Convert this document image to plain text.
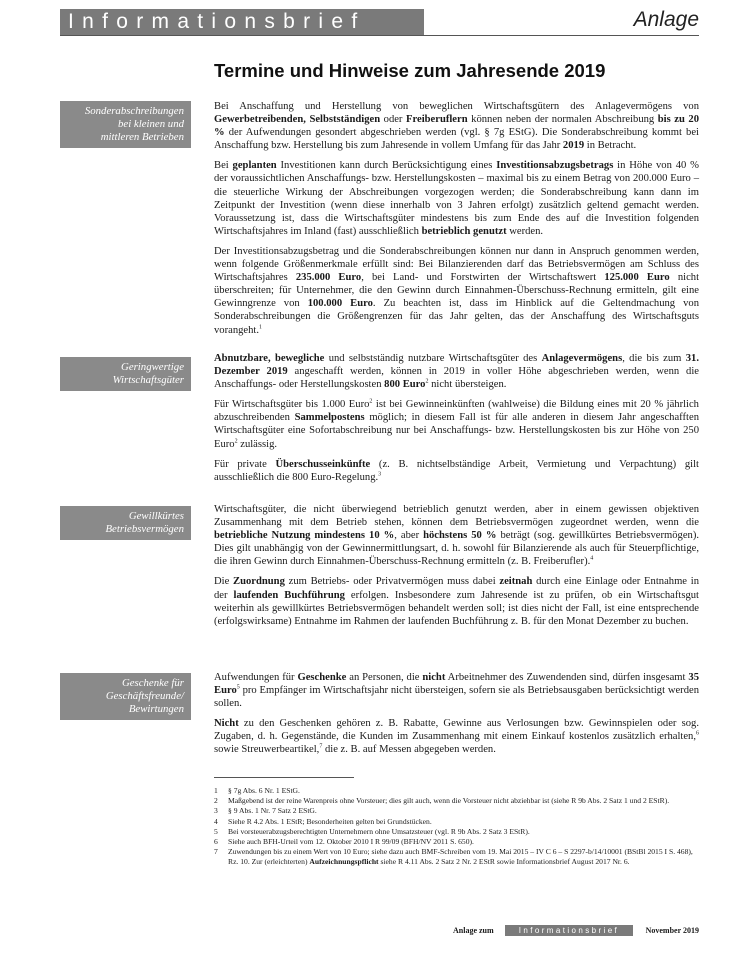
Informationsbrief	Anlage
Termine und Hinweise zum Jahresende 2019
Sonderabschreibungen
bei kleinen und
mittleren Betrieben

Bei Anschaffung und Herstellung von beweglichen Wirtschaftsgütern des Anlagevermögens von Gewerbetreibenden, Selbstständigen oder Freiberuflern können neben der normalen Abschreibung bis zu 20 % der Aufwendungen gesondert abgeschrieben werden (vgl. § 7g EStG). Die Sonderabschreibung kommt bei Anschaffung bzw. Herstellung bis zum Jahresende in vollem Umfang für das Jahr 2019 in Betracht.

Bei geplanten Investitionen kann durch Berücksichtigung eines Investitionsabzugsbetrags in Höhe von 40 % der voraussichtlichen Anschaffungs- bzw. Herstellungskosten – maximal bis zu einem Betrag von 200.000 Euro – die steuerliche Wirkung der Abschreibungen vorgezogen werden; die Sonderabschreibung kann dann im Zeitpunkt der Investition (wenn diese innerhalb von 3 Jahren erfolgt) zusätzlich geltend gemacht werden. Voraussetzung ist, dass die Wirtschaftsgüter mindestens bis zum Ende des auf die Investition folgenden Wirtschaftsjahres im Inland (fast) ausschließlich betrieblich genutzt werden.

Der Investitionsabzugsbetrag und die Sonderabschreibungen können nur dann in Anspruch genommen werden, wenn folgende Größenmerkmale erfüllt sind: Bei Bilanzierenden darf das Betriebsvermögen am Schluss des Wirtschaftsjahres 235.000 Euro, bei Land- und Forstwirten der Wirtschaftswert 125.000 Euro nicht überschreiten; für Unternehmer, die den Gewinn durch Einnahmen-Überschuss-Rechnung ermitteln, gilt eine Gewinngrenze von 100.000 Euro. Zu beachten ist, dass im Hinblick auf die Geltendmachung von Sonderabschreibungen die Größengrenzen für das Jahr gelten, das der Anschaffung des Wirtschaftsguts vorangeht.$^1$

Geringwertige
Wirtschaftsgüter

Abnutzbare, bewegliche und selbstständig nutzbare Wirtschaftsgüter des Anlagevermögens, die bis zum 31. Dezember 2019 angeschafft werden, können in 2019 in voller Höhe abgeschrieben werden, wenn die Anschaffungs- oder Herstellungskosten 800 Euro$^2$ nicht übersteigen.

Für Wirtschaftsgüter bis 1.000 Euro$^2$ ist bei Gewinneinkünften (wahlweise) die Bildung eines mit 20 % jährlich abzuschreibenden Sammelpostens möglich; in diesem Fall ist für alle anderen in diesem Jahr angeschafften Wirtschaftsgüter eine Sofortabschreibung nur bei Anschaffungs- bzw. Herstellungskosten bis zur Höhe von 250 Euro$^2$ zulässig.

Für private Überschusseinkünfte (z. B. nichtselbständige Arbeit, Vermietung und Verpachtung) gilt ausschließlich die 800 Euro-Regelung.$^3$

Gewillkürtes
Betriebsvermögen

Wirtschaftsgüter, die nicht überwiegend betrieblich genutzt werden, aber in einem gewissen objektiven Zusammenhang mit dem Betrieb stehen, können dem Betriebsvermögen zugeordnet werden, wenn die betriebliche Nutzung mindestens 10 %, aber höchstens 50 % beträgt (sog. gewillkürtes Betriebsvermögen). Dies gilt unabhängig von der Gewinnermittlungsart, d. h. sowohl für Bilanzierende als auch für Steuerpflichtige, die ihren Gewinn durch Einnahmen-Überschuss-Rechnung ermitteln (z. B. Freiberufler).$^4$

Die Zuordnung zum Betriebs- oder Privatvermögen muss dabei zeitnah durch eine Einlage oder Entnahme in der laufenden Buchführung erfolgen. Insbesondere zum Jahresende ist zu prüfen, ob ein Wirtschaftsgut weiterhin als gewillkürtes Betriebsvermögen behandelt werden soll; ist dies nicht der Fall, ist eine entsprechende (erfolgswirksame) Entnahme im Rahmen der laufenden Buchführung z. B. für den Monat Dezember zu buchen.

Geschenke für
Geschäftsfreunde/
Bewirtungen

Aufwendungen für Geschenke an Personen, die nicht Arbeitnehmer des Zuwendenden sind, dürfen insgesamt 35 Euro$^5$ pro Empfänger im Wirtschaftsjahr nicht übersteigen, sofern sie als Betriebsausgaben berücksichtigt werden sollen.

Nicht zu den Geschenken gehören z. B. Rabatte, Gewinne aus Verlosungen bzw. Gewinnspielen oder sog. Zugaben, d. h. Gegenstände, die Kunden im Zusammenhang mit einem Einkauf kostenlos zusätzlich erhalten,$^6$ sowie Streuwerbeartikel,$^7$ die z. B. auf Messen abgegeben werden.

1 § 7g Abs. 6 Nr. 1 EStG.
2 Maßgebend ist der reine Warenpreis ohne Vorsteuer; dies gilt auch, wenn die Vorsteuer nicht abziehbar ist (siehe R 9b Abs. 2 Satz 1 und 2 EStR).
3 § 9 Abs. 1 Nr. 7 Satz 2 EStG.
4 Siehe R 4.2 Abs. 1 EStR; Besonderheiten gelten bei Grundstücken.
5 Bei vorsteuerabzugsberechtigten Unternehmern ohne Umsatzsteuer (vgl. R 9b Abs. 2 Satz 3 EStR).
6 Siehe auch BFH-Urteil vom 12. Oktober 2010 I R 99/09 (BFH/NV 2011 S. 650).
7 Zuwendungen bis zu einem Wert von 10 Euro; siehe dazu auch BMF-Schreiben vom 19. Mai 2015 – IV C 6 – S 2297-b/14/10001 (BStBl 2015 I S. 468), Rz. 10. Zur (erleichterten) Aufzeichnungspflicht siehe R 4.11 Abs. 2 Satz 2 Nr. 2 EStR sowie Informationsbrief August 2017 Nr. 6.
Anlage zum	Informationsbrief	November 2019
